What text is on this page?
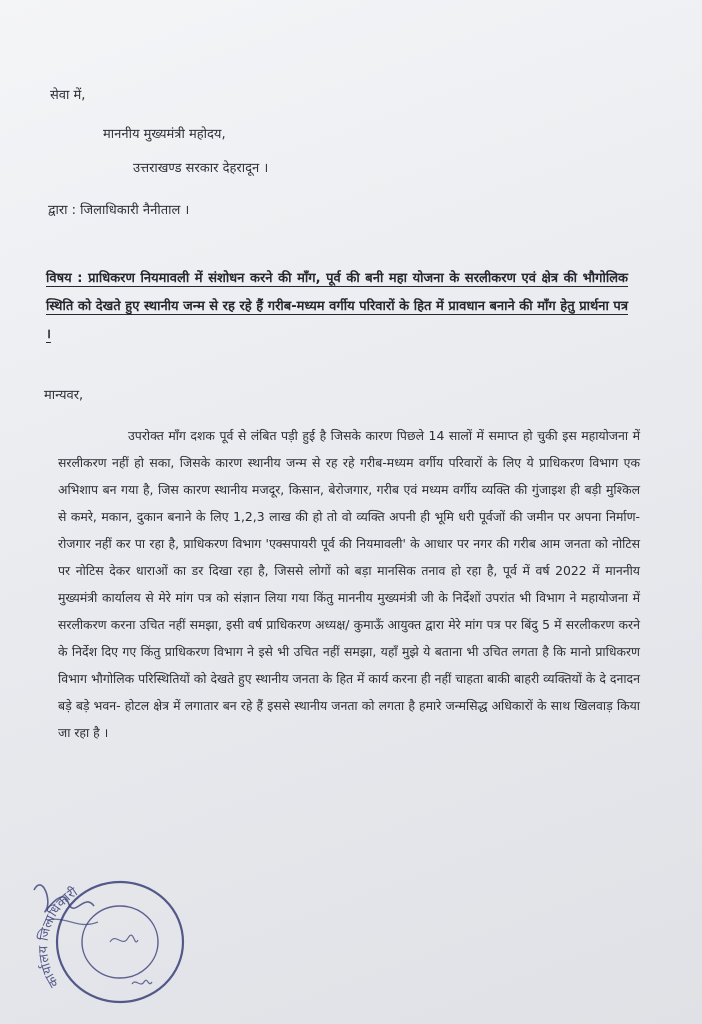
सेवा में,
माननीय मुख्यमंत्री महोदय,
उत्तराखण्ड सरकार देहरादून ।
द्वारा : जिलाधिकारी नैनीताल ।
विषय : प्राधिकरण नियमावली में संशोधन करने की माँग, पूर्व की बनी महा योजना के सरलीकरण एवं क्षेत्र की भौगोलिक स्थिति को देखते हुए स्थानीय जन्म से रह रहे हैं गरीब-मध्यम वर्गीय परिवारों के हित में प्रावधान बनाने की माँग हेतु प्रार्थना पत्र ।
मान्यवर,
उपरोक्त माँग दशक पूर्व से लंबित पड़ी हुई है जिसके कारण पिछले 14 सालों में समाप्त हो चुकी इस महायोजना में सरलीकरण नहीं हो सका, जिसके कारण स्थानीय जन्म से रह रहे गरीब-मध्यम वर्गीय परिवारों के लिए ये प्राधिकरण विभाग एक अभिशाप बन गया है, जिस कारण स्थानीय मजदूर, किसान, बेरोजगार, गरीब एवं मध्यम वर्गीय व्यक्ति की गुंजाइश ही बड़ी मुश्किल से कमरे, मकान, दुकान बनाने के लिए 1,2,3 लाख की हो तो वो व्यक्ति अपनी ही भूमि धरी पूर्वजों की जमीन पर अपना निर्माण-रोजगार नहीं कर पा रहा है, प्राधिकरण विभाग 'एक्सपायरी पूर्व की नियमावली' के आधार पर नगर की गरीब आम जनता को नोटिस पर नोटिस देकर धाराओं का डर दिखा रहा है, जिससे लोगों को बड़ा मानसिक तनाव हो रहा है, पूर्व में वर्ष 2022 में माननीय मुख्यमंत्री कार्यालय से मेरे मांग पत्र को संज्ञान लिया गया किंतु माननीय मुख्यमंत्री जी के निर्देशों उपरांत भी विभाग ने महायोजना में सरलीकरण करना उचित नहीं समझा, इसी वर्ष प्राधिकरण अध्यक्ष/ कुमाऊँ आयुक्त द्वारा मेरे मांग पत्र पर बिंदु 5 में सरलीकरण करने के निर्देश दिए गए किंतु प्राधिकरण विभाग ने इसे भी उचित नहीं समझा, यहाँ मुझे ये बताना भी उचित लगता है कि मानो प्राधिकरण विभाग भौगोलिक परिस्थितियों को देखते हुए स्थानीय जनता के हित में कार्य करना ही नहीं चाहता बाकी बाहरी व्यक्तियों के दे दनादन बड़े बड़े भवन- होटल क्षेत्र में लगातार बन रहे हैं इससे स्थानीय जनता को लगता है हमारे जन्मसिद्ध अधिकारों के साथ खिलवाड़ किया जा रहा है ।
कार्यालय जिलाधिकारी
